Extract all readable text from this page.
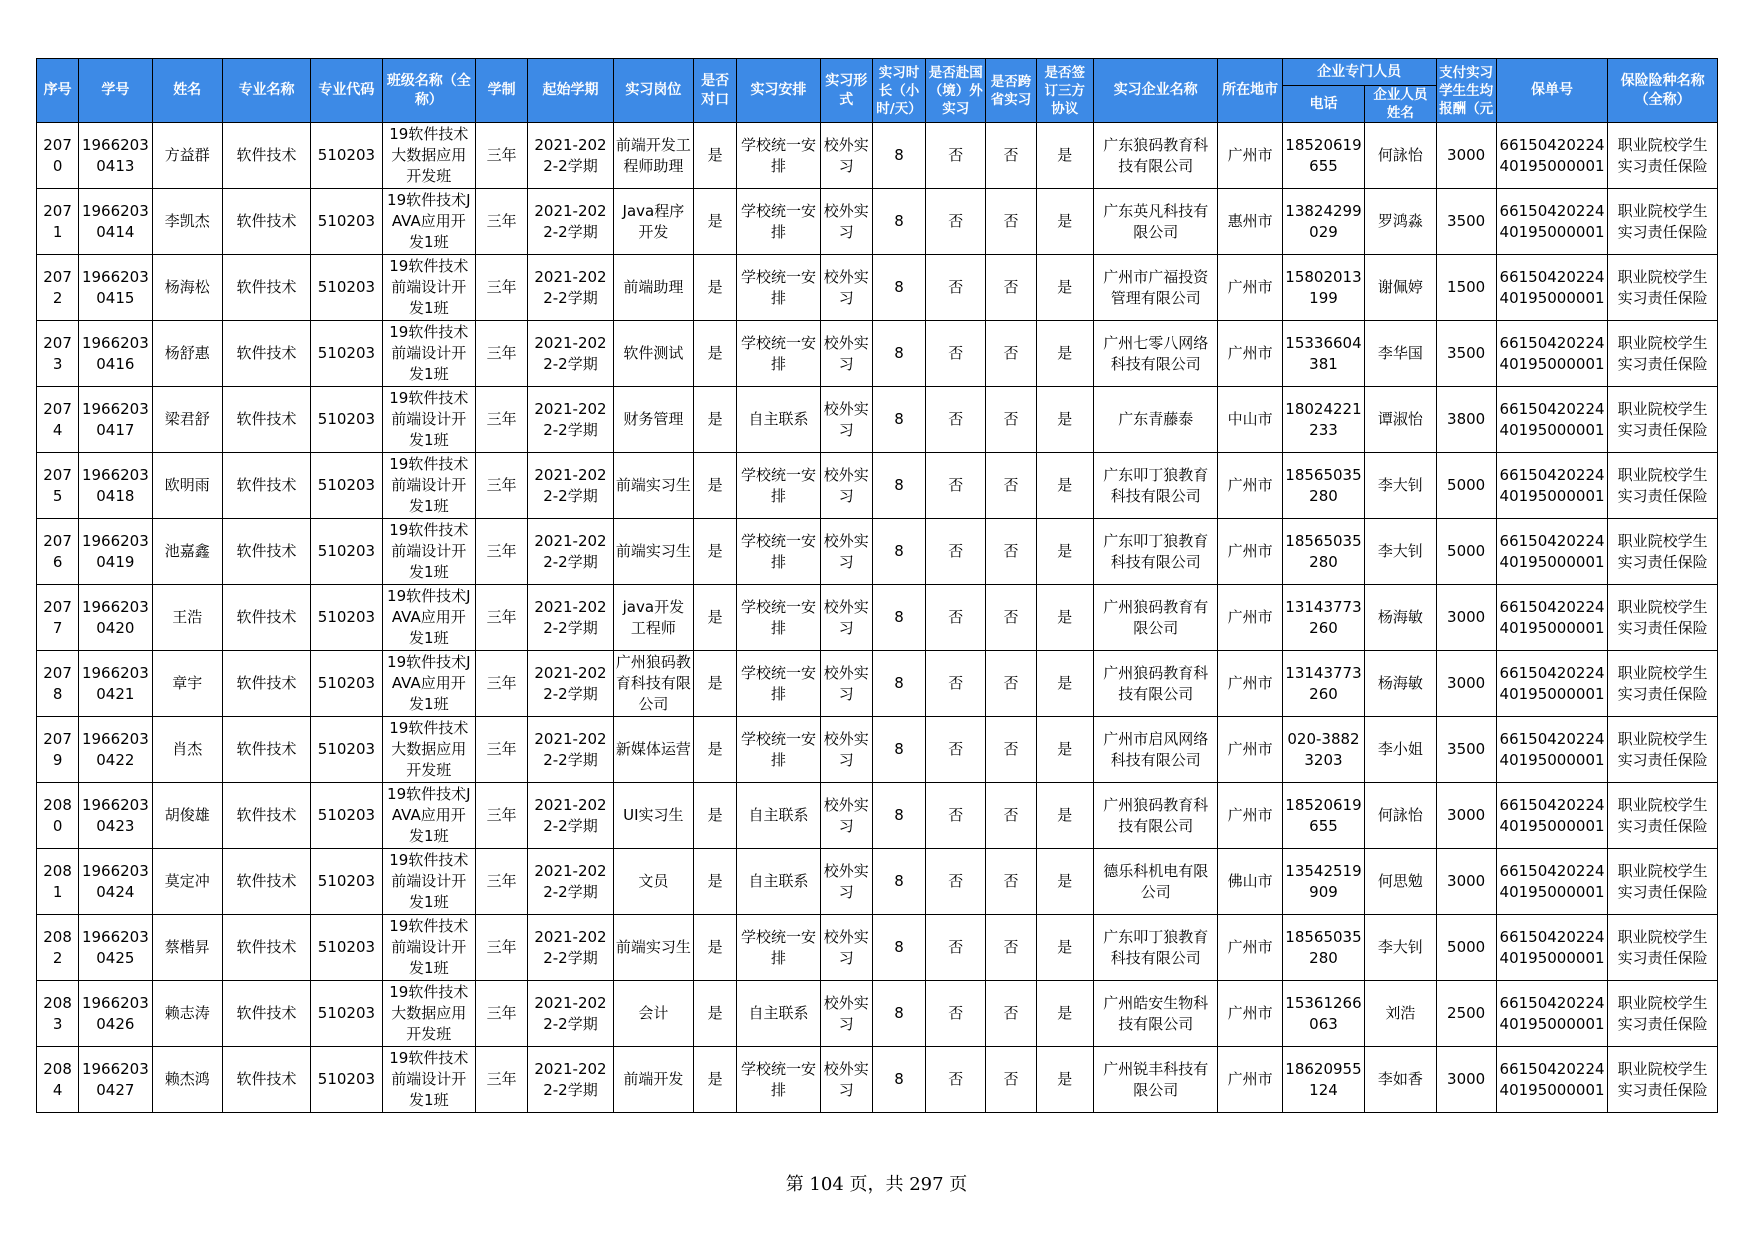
序号	学号	姓名	专业名称	专业代码	班级名称（全称）	学制	起始学期	实习岗位	是否对口	实习安排	实习形式	实习时长（小时/天）	是否赴国（境）外实习	是否跨省实习	是否签订三方协议	实习企业名称	所在地市	企业专门人员		支付实习学生生均报酬（元	保单号	保险险种名称（全称）
																		电话	企业人员姓名			
2070	19662030413	方益群	软件技术	510203	19软件技术大数据应用开发班	三年	2021-2022-2学期	前端开发工程师助理	是	学校统一安排	校外实习	8	否	否	是	广东狼码教育科技有限公司	广州市	18520619655	何詠怡	3000	6615042022440195000001	职业院校学生实习责任保险
2071	19662030414	李凯杰	软件技术	510203	19软件技术JAVA应用开发1班	三年	2021-2022-2学期	Java程序开发	是	学校统一安排	校外实习	8	否	否	是	广东英凡科技有限公司	惠州市	13824299029	罗鸿淼	3500	6615042022440195000001	职业院校学生实习责任保险
2072	19662030415	杨海松	软件技术	510203	19软件技术前端设计开发1班	三年	2021-2022-2学期	前端助理	是	学校统一安排	校外实习	8	否	否	是	广州市广福投资管理有限公司	广州市	15802013199	谢佩婷	1500	6615042022440195000001	职业院校学生实习责任保险
2073	19662030416	杨舒惠	软件技术	510203	19软件技术前端设计开发1班	三年	2021-2022-2学期	软件测试	是	学校统一安排	校外实习	8	否	否	是	广州七零八网络科技有限公司	广州市	15336604381	李华国	3500	6615042022440195000001	职业院校学生实习责任保险
2074	19662030417	梁君舒	软件技术	510203	19软件技术前端设计开发1班	三年	2021-2022-2学期	财务管理	是	自主联系	校外实习	8	否	否	是	广东青藤泰	中山市	18024221233	谭淑怡	3800	6615042022440195000001	职业院校学生实习责任保险
2075	19662030418	欧明雨	软件技术	510203	19软件技术前端设计开发1班	三年	2021-2022-2学期	前端实习生	是	学校统一安排	校外实习	8	否	否	是	广东叩丁狼教育科技有限公司	广州市	18565035280	李大钊	5000	6615042022440195000001	职业院校学生实习责任保险
2076	19662030419	池嘉鑫	软件技术	510203	19软件技术前端设计开发1班	三年	2021-2022-2学期	前端实习生	是	学校统一安排	校外实习	8	否	否	是	广东叩丁狼教育科技有限公司	广州市	18565035280	李大钊	5000	6615042022440195000001	职业院校学生实习责任保险
2077	19662030420	王浩	软件技术	510203	19软件技术JAVA应用开发1班	三年	2021-2022-2学期	java开发工程师	是	学校统一安排	校外实习	8	否	否	是	广州狼码教育有限公司	广州市	13143773260	杨海敏	3000	6615042022440195000001	职业院校学生实习责任保险
2078	19662030421	章宇	软件技术	510203	19软件技术JAVA应用开发1班	三年	2021-2022-2学期	广州狼码教育科技有限公司	是	学校统一安排	校外实习	8	否	否	是	广州狼码教育科技有限公司	广州市	13143773260	杨海敏	3000	6615042022440195000001	职业院校学生实习责任保险
2079	19662030422	肖杰	软件技术	510203	19软件技术大数据应用开发班	三年	2021-2022-2学期	新媒体运营	是	学校统一安排	校外实习	8	否	否	是	广州市启风网络科技有限公司	广州市	020-38823203	李小姐	3500	6615042022440195000001	职业院校学生实习责任保险
2080	19662030423	胡俊雄	软件技术	510203	19软件技术JAVA应用开发1班	三年	2021-2022-2学期	UI实习生	是	自主联系	校外实习	8	否	否	是	广州狼码教育科技有限公司	广州市	18520619655	何詠怡	3000	6615042022440195000001	职业院校学生实习责任保险
2081	19662030424	莫定冲	软件技术	510203	19软件技术前端设计开发1班	三年	2021-2022-2学期	文员	是	自主联系	校外实习	8	否	否	是	德乐科机电有限公司	佛山市	13542519909	何思勉	3000	6615042022440195000001	职业院校学生实习责任保险
2082	19662030425	蔡楷昇	软件技术	510203	19软件技术前端设计开发1班	三年	2021-2022-2学期	前端实习生	是	学校统一安排	校外实习	8	否	否	是	广东叩丁狼教育科技有限公司	广州市	18565035280	李大钊	5000	6615042022440195000001	职业院校学生实习责任保险
2083	19662030426	赖志涛	软件技术	510203	19软件技术大数据应用开发班	三年	2021-2022-2学期	会计	是	自主联系	校外实习	8	否	否	是	广州皓安生物科技有限公司	广州市	15361266063	刘浩	2500	6615042022440195000001	职业院校学生实习责任保险
2084	19662030427	赖杰鸿	软件技术	510203	19软件技术前端设计开发1班	三年	2021-2022-2学期	前端开发	是	学校统一安排	校外实习	8	否	否	是	广州锐丰科技有限公司	广州市	18620955124	李如香	3000	6615042022440195000001	职业院校学生实习责任保险
第 104 页，共 297 页
